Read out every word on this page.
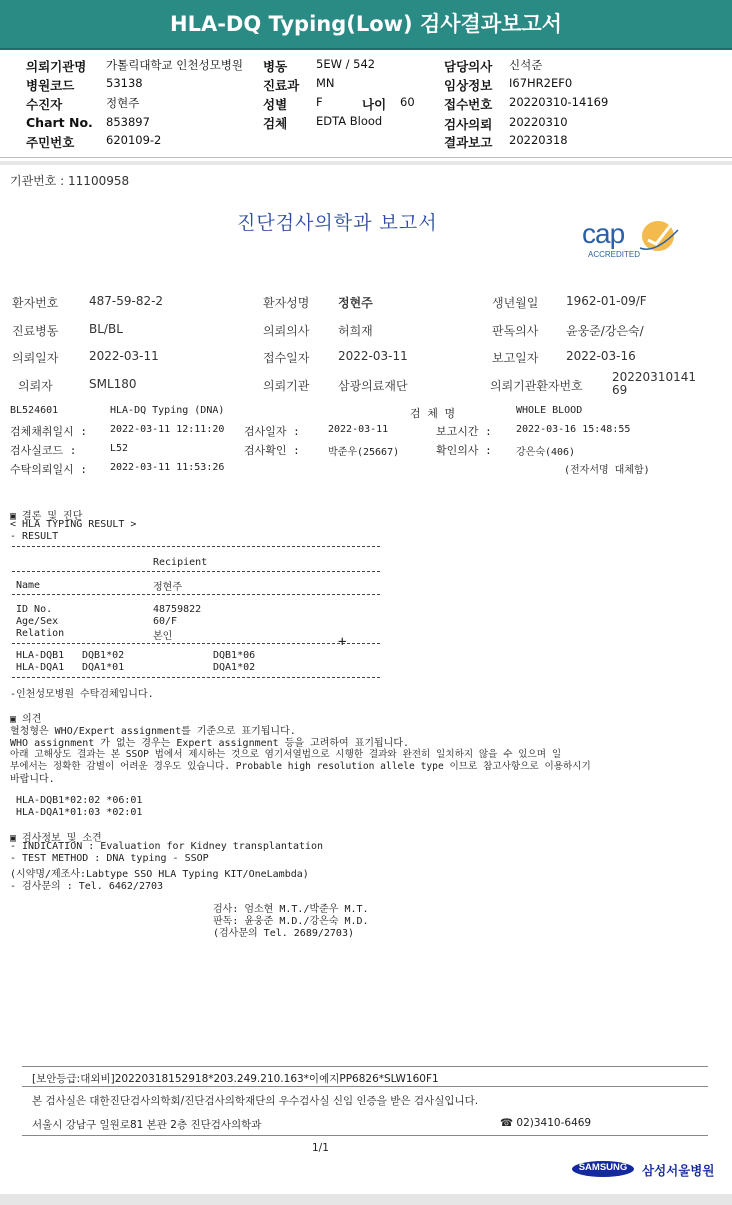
HLA-DQ Typing(Low) 검사결과보고서
의뢰기관명 가톨릭대학교 인천성모병원
병원코드	53138
수진자	정현주
Chart No. 853897
주민번호	620109-2
병동	5EW / 542
진료과 MN
성별	F	나이 60
검체	EDTA Blood
담당의사 신석준
임상정보 I67HR2EF0
접수번호 20220310-14169
검사의뢰 20220310
결과보고 20220318
기관번호 : 11100958
진단검사의학과 보고서	cap
ACCREDITED
환자번호	487-59-82-2	환자성명 정현주	생년월일 1962-01-09/F
진료병동	BL/BL	의뢰의사 허희재	판독의사 윤웅준/강은숙/
의뢰일자	2022-03-11	접수일자 2022-03-11	보고일자 2022-03-16
의뢰자	SML180	의뢰기관 삼광의료재단	의뢰기관환자번호
2022031014169
BL524601	HLA-DQ Typing (DNA)	검 체 명	WHOLE BLOOD
검체채취일시 : 2022-03-11 12:11:20 검사일자 :	2022-03-11	보고시간 : 2022-03-16 15:48:55
검사실코드 :	L52	검사확인 :	박준우(25667)	확인의사 : 강은숙(406)
수탁의뢰일시 : 2022-03-11 11:53:26	(전자서명 대체함)
▣ 결론 및 진단
< HLA TYPING RESULT >
- RESULT
Recipient
Name	정현주
ID No.	48759822
Age/Sex	60/F
Relation	본인	+
HLA-DQB1 DQB1*02	DQB1*06
HLA-DQA1 DQA1*01	DQA1*02
-인천성모병원 수탁검체입니다.
▣ 의견
혈청형은 WHO/Expert assignment를 기준으로 표기됩니다.
WHO assignment 가 없는 경우는 Expert assignment 등을 고려하여 표기됩니다.
아래 고해상도 결과는 본 SSOP 법에서 제시하는 것으로 염기서열법으로 시행한 결과와 완전히 일치하지 않을 수 있으며 일
부에서는 정확한 감별이 어려운 경우도 있습니다. Probable high resolution allele type 이므로 참고사항으로 이용하시기
바랍니다.
HLA-DQB1*02:02 *06:01
HLA-DQA1*01:03 *02:01
▣ 검사정보 및 소견
- INDICATION : Evaluation for Kidney transplantation
- TEST METHOD : DNA typing - SSOP
(시약명/제조사:Labtype SSO HLA Typing KIT/OneLambda)
- 검사문의 : Tel. 6462/2703
검사: 엄소현 M.T./박준우 M.T.
판독: 윤웅준 M.D./강은숙 M.D.
(검사문의 Tel. 2689/2703)
[보안등급:대외비]20220318152918*203.249.210.163*이예지PP6826*SLW160F1
본 검사실은 대한진단검사의학회/진단검사의학재단의 우수검사실 신임 인증을 받은 검사실입니다.
서울시 강남구 일원로81 본관 2층 진단검사의학과	☎ 02)3410-6469
1/1
SAMSUNG	삼성서울병원
